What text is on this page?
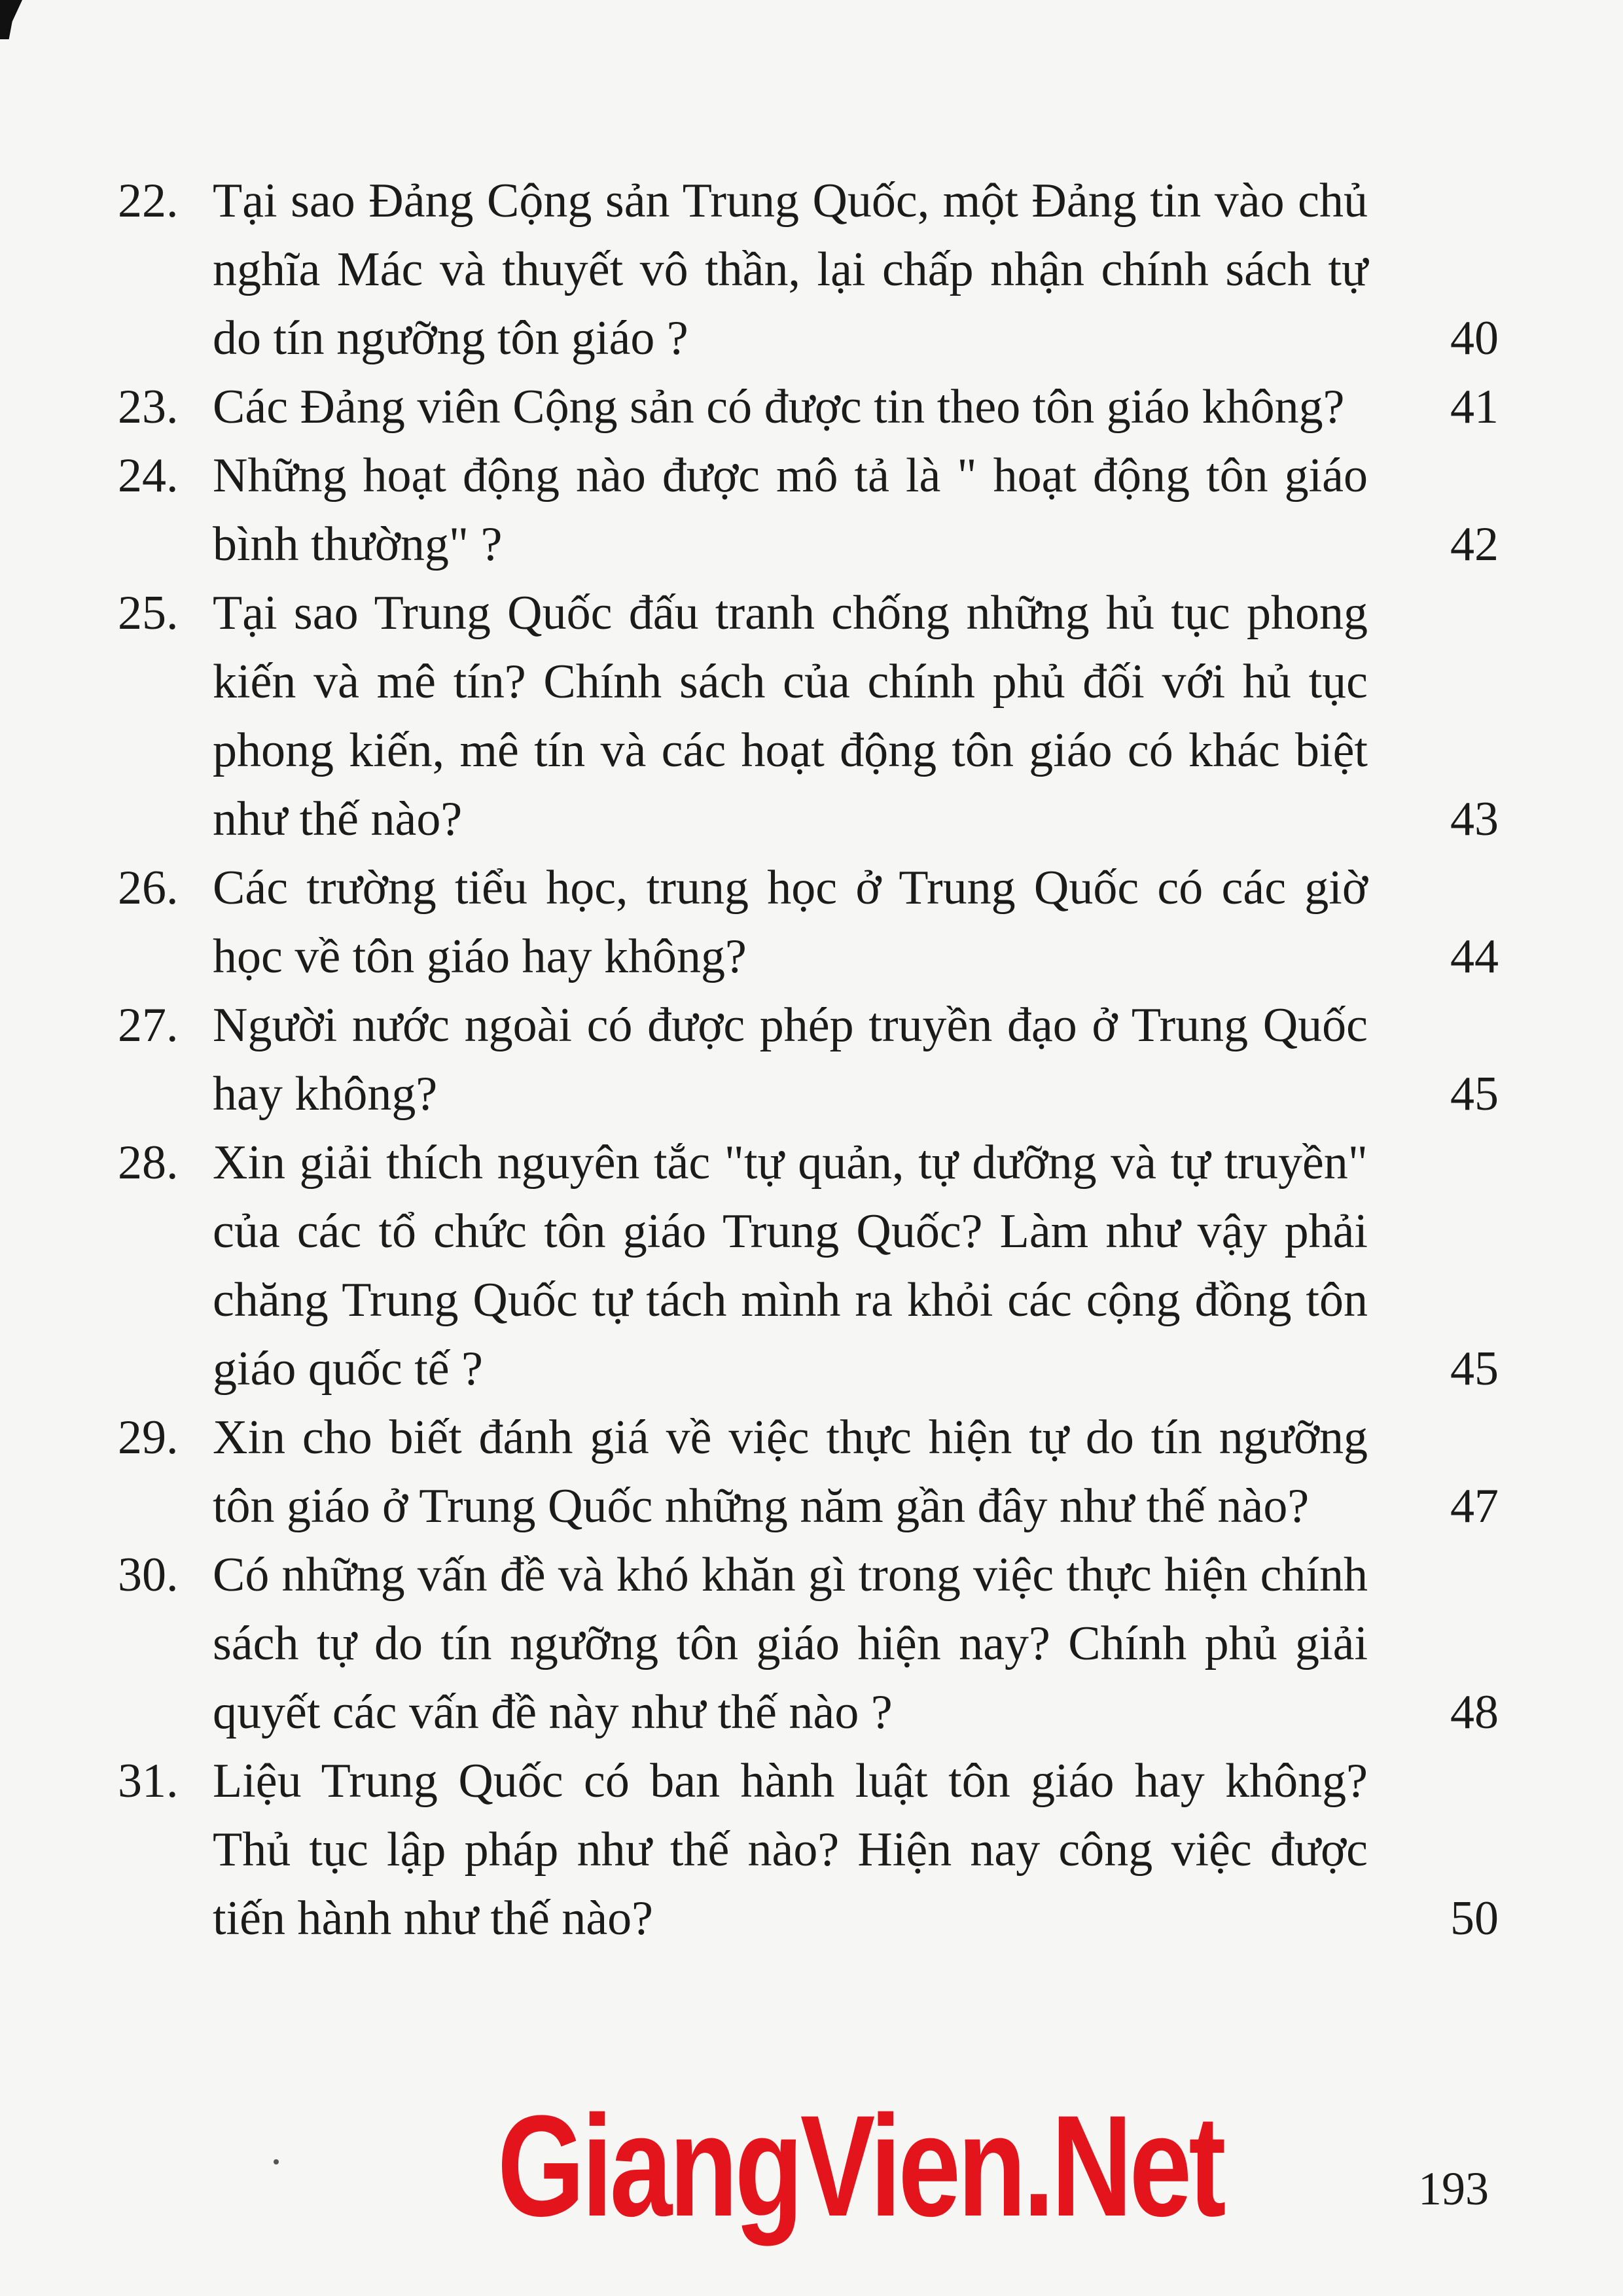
22. Tại sao Đảng Cộng sản Trung Quốc, một Đảng tin vào chủ nghĩa Mác và thuyết vô thần, lại chấp nhận chính sách tự do tín ngưỡng tôn giáo ?	40
23. Các Đảng viên Cộng sản có được tin theo tôn giáo không?	41
24. Những hoạt động nào được mô tả là " hoạt động tôn giáo bình thường" ?	42
25. Tại sao Trung Quốc đấu tranh chống những hủ tục phong kiến và mê tín? Chính sách của chính phủ đối với hủ tục phong kiến, mê tín và các hoạt động tôn giáo có khác biệt như thế nào?	43
26. Các trường tiểu học, trung học ở Trung Quốc có các giờ học về tôn giáo hay không?	44
27. Người nước ngoài có được phép truyền đạo ở Trung Quốc hay không?	45
28. Xin giải thích nguyên tắc "tự quản, tự dưỡng và tự truyền" của các tổ chức tôn giáo Trung Quốc? Làm như vậy phải chăng Trung Quốc tự tách mình ra khỏi các cộng đồng tôn giáo quốc tế ?	45
29. Xin cho biết đánh giá về việc thực hiện tự do tín ngưỡng tôn giáo ở Trung Quốc những năm gần đây như thế nào?	47
30. Có những vấn đề và khó khăn gì trong việc thực hiện chính sách tự do tín ngưỡng tôn giáo hiện nay? Chính phủ giải quyết các vấn đề này như thế nào ?	48
31. Liệu Trung Quốc có ban hành luật tôn giáo hay không? Thủ tục lập pháp như thế nào? Hiện nay công việc được tiến hành như thế nào?	50
GiangVien.Net	193
